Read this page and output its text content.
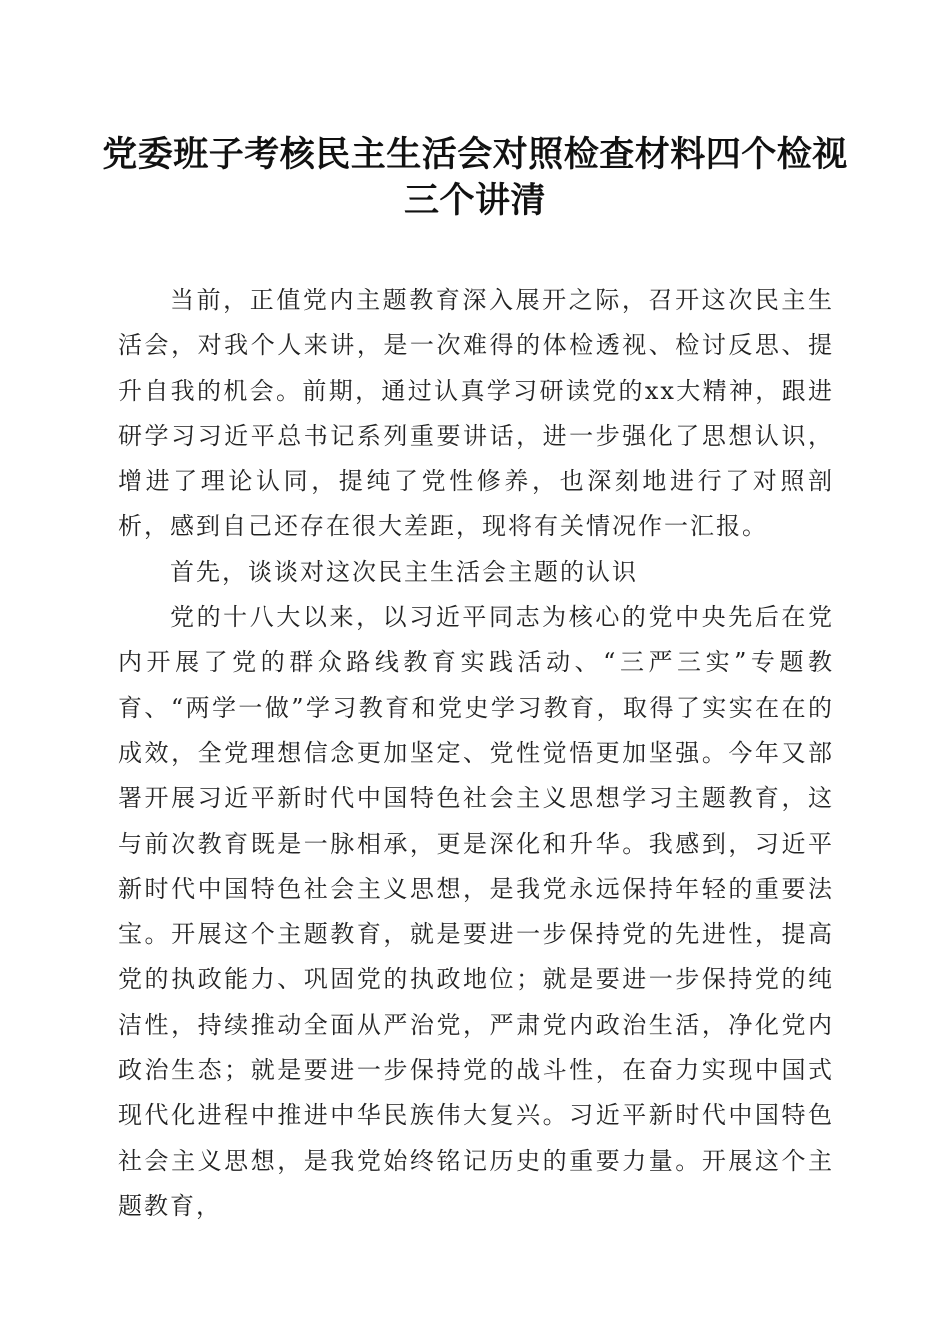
党委班子考核民主生活会对照检查材料四个检视三个讲清

当前，正值党内主题教育深入展开之际，召开这次民主生活会，对我个人来讲，是一次难得的体检透视、检讨反思、提升自我的机会。前期，通过认真学习研读党的xx大精神，跟进研学习习近平总书记系列重要讲话，进一步强化了思想认识，增进了理论认同，提纯了党性修养，也深刻地进行了对照剖析，感到自己还存在很大差距，现将有关情况作一汇报。

首先，谈谈对这次民主生活会主题的认识

党的十八大以来，以习近平同志为核心的党中央先后在党内开展了党的群众路线教育实践活动、“三严三实”专题教育、“两学一做”学习教育和党史学习教育，取得了实实在在的成效，全党理想信念更加坚定、党性觉悟更加坚强。今年又部署开展习近平新时代中国特色社会主义思想学习主题教育，这与前次教育既是一脉相承，更是深化和升华。我感到，习近平新时代中国特色社会主义思想，是我党永远保持年轻的重要法宝。开展这个主题教育，就是要进一步保持党的先进性，提高党的执政能力、巩固党的执政地位；就是要进一步保持党的纯洁性，持续推动全面从严治党，严肃党内政治生活，净化党内政治生态；就是要进一步保持党的战斗性，在奋力实现中国式现代化进程中推进中华民族伟大复兴。习近平新时代中国特色社会主义思想，是我党始终铭记历史的重要力量。开展这个主题教育，
